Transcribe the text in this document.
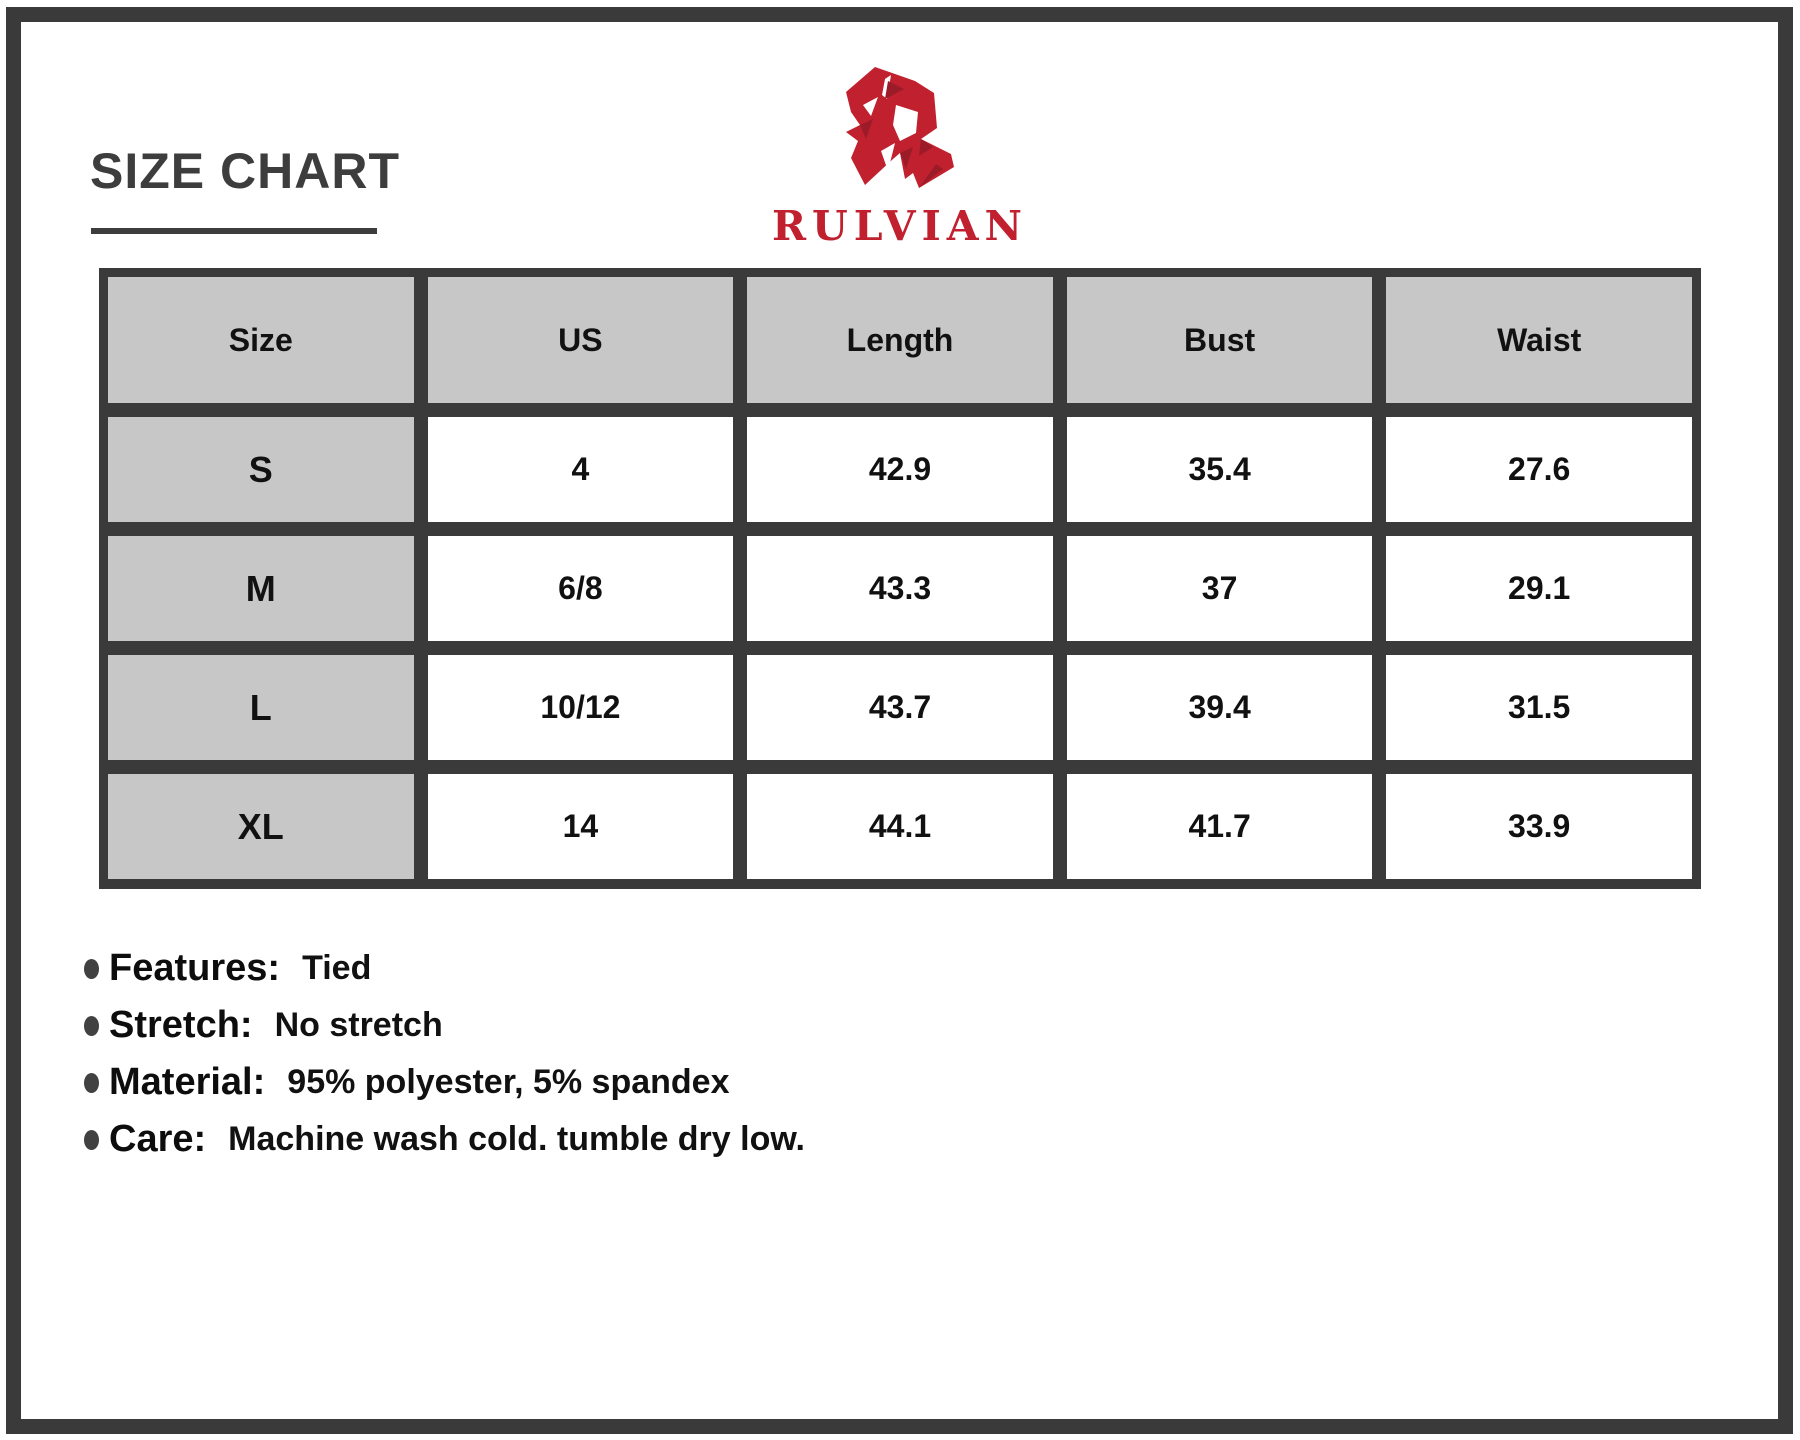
SIZE CHART
RULVIAN
Size	US	Length	Bust	Waist
S	4	42.9	35.4	27.6
M	6/8	43.3	37	29.1
L	10/12	43.7	39.4	31.5
XL	14	44.1	41.7	33.9
Features: Tied
Stretch: No stretch
Material: 95% polyester, 5% spandex
Care: Machine wash cold. tumble dry low.
